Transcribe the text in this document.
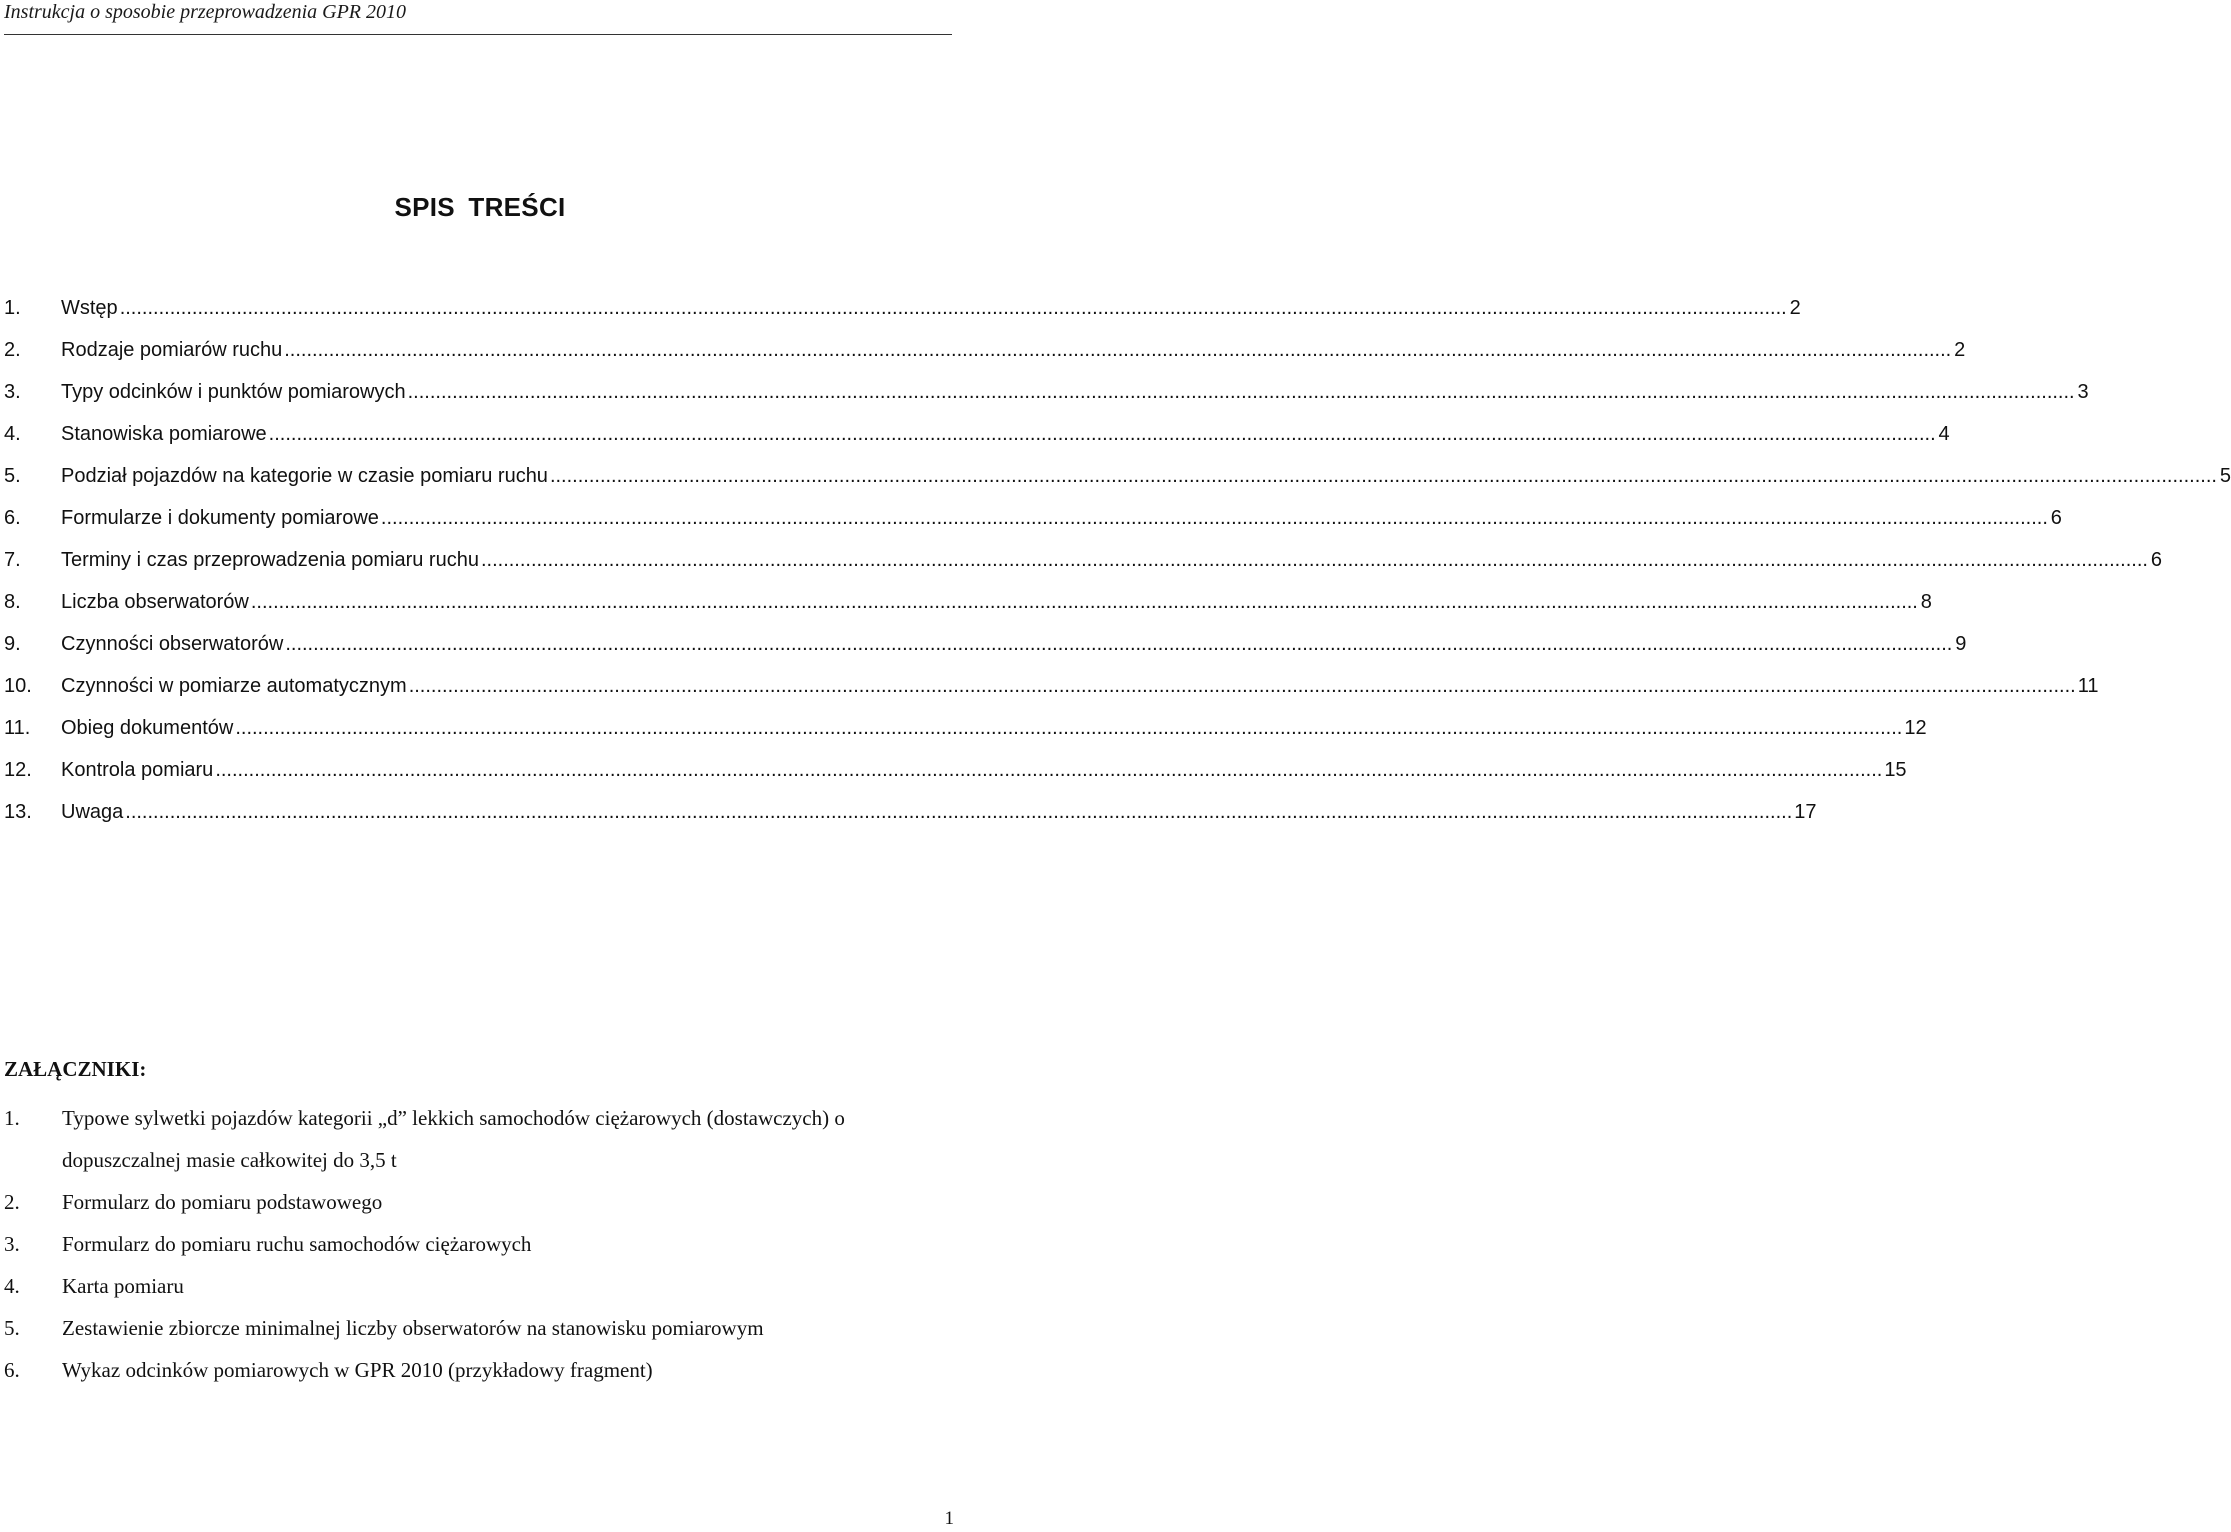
Instrukcja o sposobie przeprowadzenia GPR 2010
SPIS TREŚCI
1.	Wstęp ............................................................................................................................................................................................................................................................................................................ 2
2.	Rodzaje pomiarów ruchu ............................................................................................................................................................................................................................................................................................................ 2
3.	Typy odcinków i punktów pomiarowych ............................................................................................................................................................................................................................................................................................................ 3
4.	Stanowiska pomiarowe ............................................................................................................................................................................................................................................................................................................ 4
5.	Podział pojazdów na kategorie w czasie pomiaru ruchu ............................................................................................................................................................................................................................................................................................................ 5
6.	Formularze i dokumenty pomiarowe ............................................................................................................................................................................................................................................................................................................ 6
7.	Terminy i czas przeprowadzenia pomiaru ruchu ............................................................................................................................................................................................................................................................................................................ 6
8.	Liczba obserwatorów ............................................................................................................................................................................................................................................................................................................ 8
9.	Czynności obserwatorów ............................................................................................................................................................................................................................................................................................................ 9
10.	Czynności w pomiarze automatycznym ............................................................................................................................................................................................................................................................................................................ 11
11.	Obieg dokumentów ............................................................................................................................................................................................................................................................................................................ 12
12.	Kontrola pomiaru ............................................................................................................................................................................................................................................................................................................ 15
13.	Uwaga ............................................................................................................................................................................................................................................................................................................ 17
ZAŁĄCZNIKI:
1.	Typowe sylwetki pojazdów kategorii „d” lekkich samochodów ciężarowych (dostawczych) o dopuszczalnej masie całkowitej do 3,5 t
2.	Formularz do pomiaru podstawowego
3.	Formularz do pomiaru ruchu samochodów ciężarowych
4.	Karta pomiaru
5.	Zestawienie zbiorcze minimalnej liczby obserwatorów na stanowisku pomiarowym
6.	Wykaz odcinków pomiarowych w GPR 2010 (przykładowy fragment)
1
